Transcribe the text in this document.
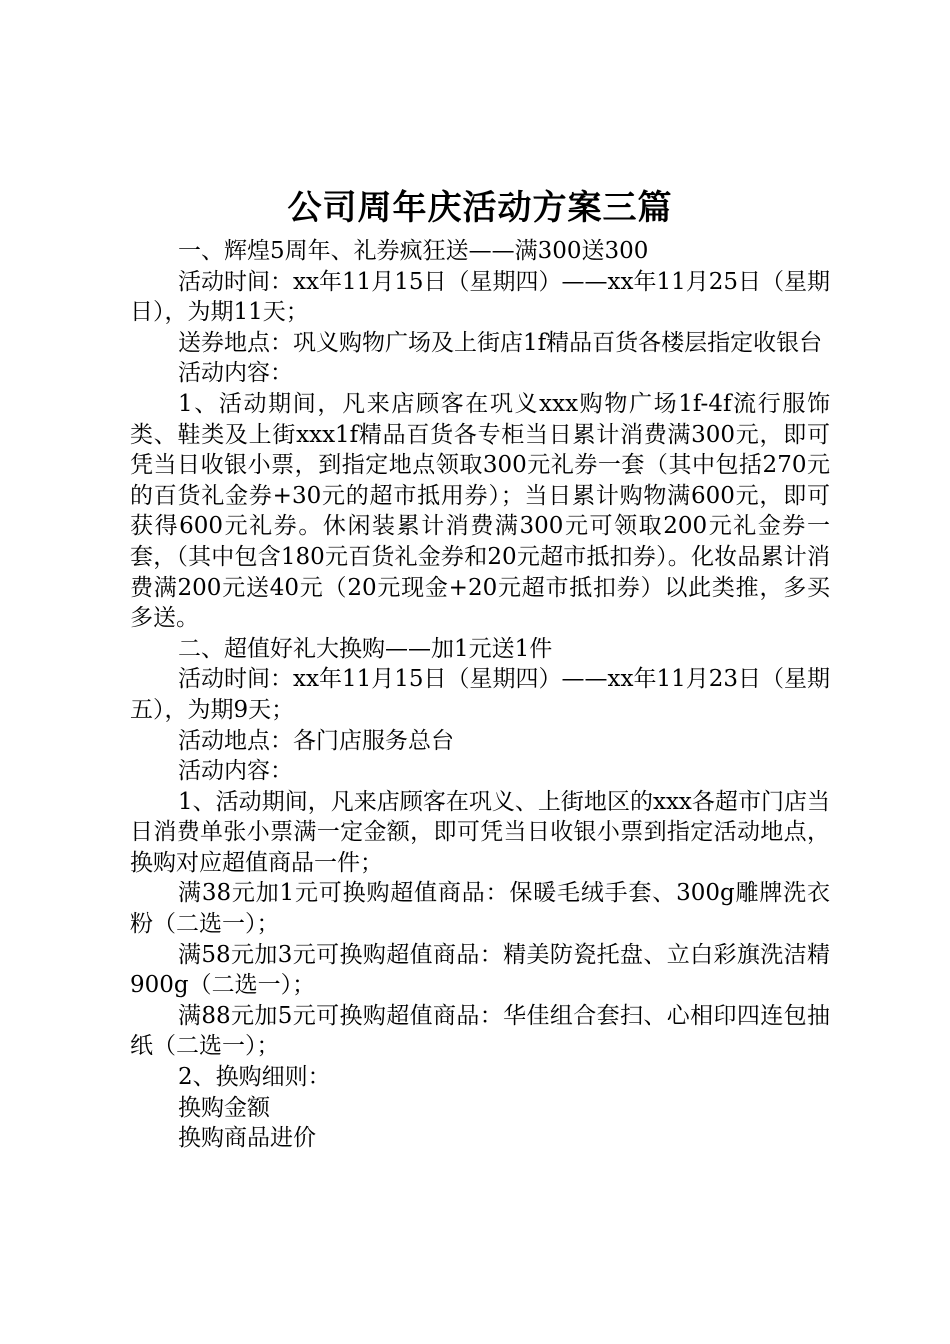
公司周年庆活动方案三篇

一、辉煌5周年、礼券疯狂送——满300送300

活动时间：xx年11月15日（星期四）——xx年11月25日（星期日），为期11天；

送券地点：巩义购物广场及上街店1f精品百货各楼层指定收银台

活动内容：

1、活动期间，凡来店顾客在巩义xxx购物广场1f-4f流行服饰类、鞋类及上街xxx1f精品百货各专柜当日累计消费满300元，即可凭当日收银小票，到指定地点领取300元礼券一套（其中包括270元的百货礼金券+30元的超市抵用券）；当日累计购物满600元，即可获得600元礼券。休闲装累计消费满300元可领取200元礼金券一套，（其中包含180元百货礼金券和20元超市抵扣券）。化妆品累计消费满200元送40元（20元现金+20元超市抵扣券）以此类推，多买多送。

二、超值好礼大换购——加1元送1件

活动时间：xx年11月15日（星期四）——xx年11月23日（星期五），为期9天；

活动地点：各门店服务总台

活动内容：

1、活动期间，凡来店顾客在巩义、上街地区的xxx各超市门店当日消费单张小票满一定金额，即可凭当日收银小票到指定活动地点，换购对应超值商品一件；

满38元加1元可换购超值商品：保暖毛绒手套、300g雕牌洗衣粉（二选一）；

满58元加3元可换购超值商品：精美防瓷托盘、立白彩旗洗洁精900g（二选一）；

满88元加5元可换购超值商品：华佳组合套扫、心相印四连包抽纸（二选一）；

2、换购细则：

换购金额

换购商品进价
